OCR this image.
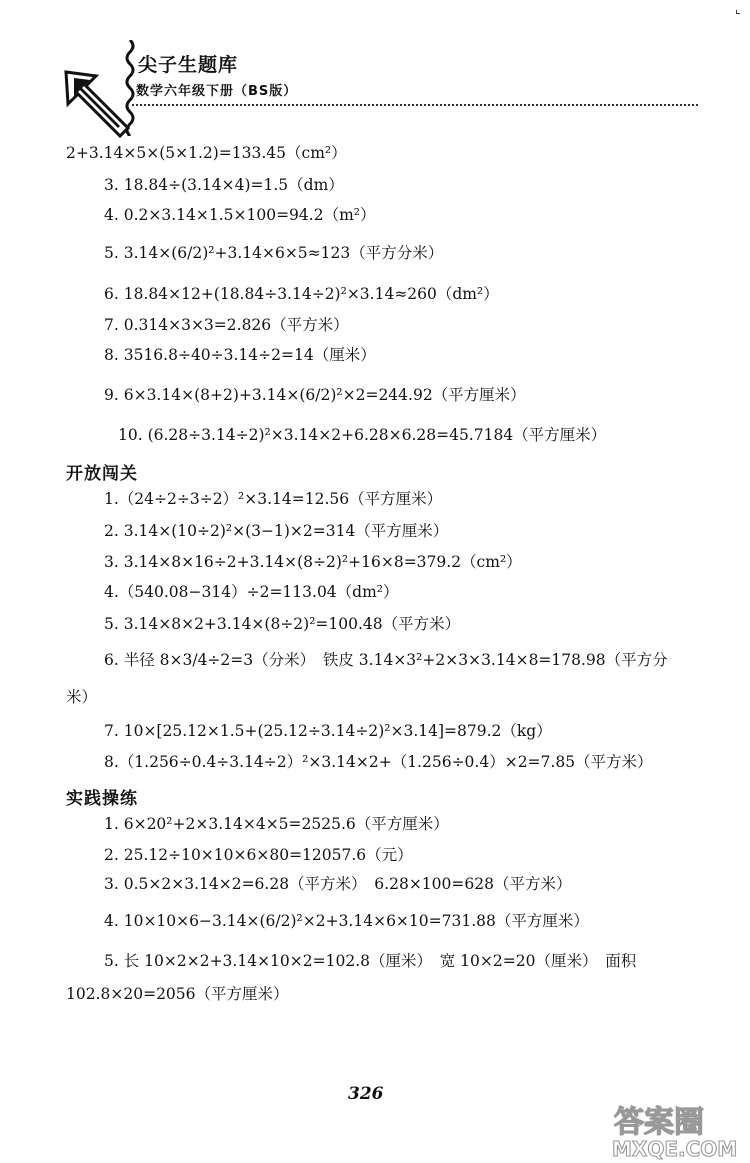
尖子生题库
数学六年级下册（BS版）
2+3.14×5×(5×1.2)=133.45（cm²）
3. 18.84÷(3.14×4)=1.5（dm）
4. 0.2×3.14×1.5×100=94.2（m²）
5. 3.14×(6/2)²+3.14×6×5≈123（平方分米）
6. 18.84×12+(18.84÷3.14÷2)²×3.14≈260（dm²）
7. 0.314×3×3=2.826（平方米）
8. 3516.8÷40÷3.14÷2=14（厘米）
9. 6×3.14×(8+2)+3.14×(6/2)²×2=244.92（平方厘米）
10. (6.28÷3.14÷2)²×3.14×2+6.28×6.28=45.7184（平方厘米）
开放闯关
1.（24÷2÷3÷2）²×3.14=12.56（平方厘米）
2. 3.14×(10÷2)²×(3−1)×2=314（平方厘米）
3. 3.14×8×16÷2+3.14×(8÷2)²+16×8=379.2（cm²）
4.（540.08−314）÷2=113.04（dm²）
5. 3.14×8×2+3.14×(8÷2)²=100.48（平方米）
6. 半径 8×3/4÷2=3（分米）　铁皮 3.14×3²+2×3×3.14×8=178.98（平方分
米）
7. 10×[25.12×1.5+(25.12÷3.14÷2)²×3.14]=879.2（kg）
8.（1.256÷0.4÷3.14÷2）²×3.14×2+（1.256÷0.4）×2=7.85（平方米）
实践操练
1. 6×20²+2×3.14×4×5=2525.6（平方厘米）
2. 25.12÷10×10×6×80=12057.6（元）
3. 0.5×2×3.14×2=6.28（平方米）　6.28×100=628（平方米）
4. 10×10×6−3.14×(6/2)²×2+3.14×6×10=731.88（平方厘米）
5. 长 10×2×2+3.14×10×2=102.8（厘米）　宽 10×2=20（厘米）　面积
102.8×20=2056（平方厘米）
326
答案圈
MXQE.COM
⌞
